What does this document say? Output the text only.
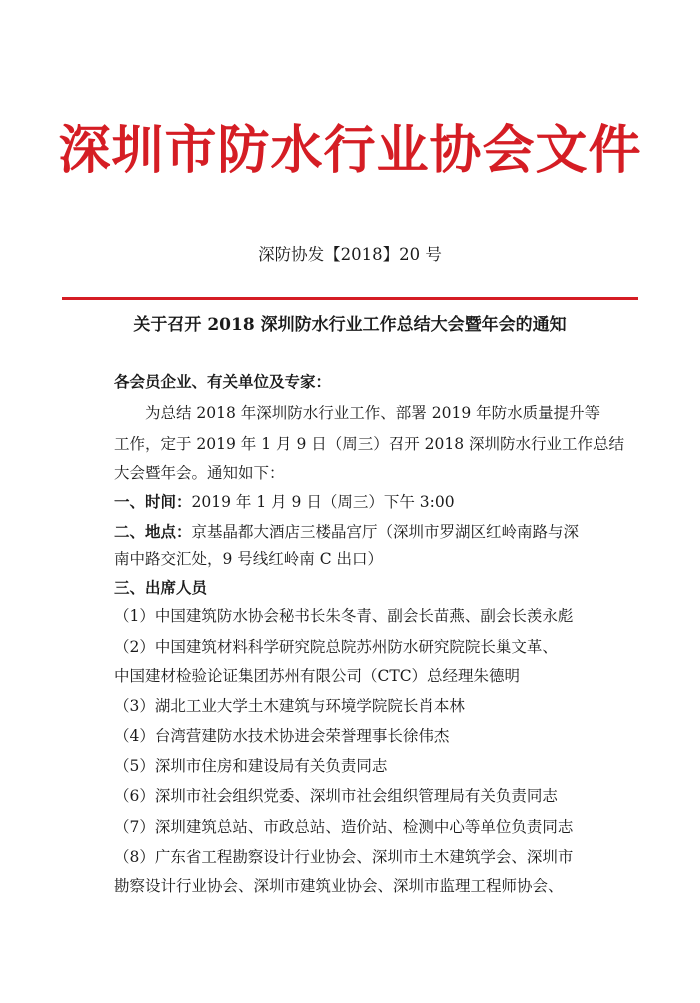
深圳市防水行业协会文件
深防协发【2018】20 号
关于召开 2018 深圳防水行业工作总结大会暨年会的通知
各会员企业、有关单位及专家：
为总结 2018 年深圳防水行业工作、部署 2019 年防水质量提升等
工作，定于 2019 年 1 月 9 日（周三）召开 2018 深圳防水行业工作总结
大会暨年会。通知如下：
一、时间：2019 年 1 月 9 日（周三）下午 3:00
二、地点：京基晶都大酒店三楼晶宫厅（深圳市罗湖区红岭南路与深
南中路交汇处，9 号线红岭南 C 出口）
三、出席人员
（1）中国建筑防水协会秘书长朱冬青、副会长苗燕、副会长羡永彪
（2）中国建筑材料科学研究院总院苏州防水研究院院长巢文革、
中国建材检验论证集团苏州有限公司（CTC）总经理朱德明
（3）湖北工业大学土木建筑与环境学院院长肖本林
（4）台湾营建防水技术协进会荣誉理事长徐伟杰
（5）深圳市住房和建设局有关负责同志
（6）深圳市社会组织党委、深圳市社会组织管理局有关负责同志
（7）深圳建筑总站、市政总站、造价站、检测中心等单位负责同志
（8）广东省工程勘察设计行业协会、深圳市土木建筑学会、深圳市
勘察设计行业协会、深圳市建筑业协会、深圳市监理工程师协会、
